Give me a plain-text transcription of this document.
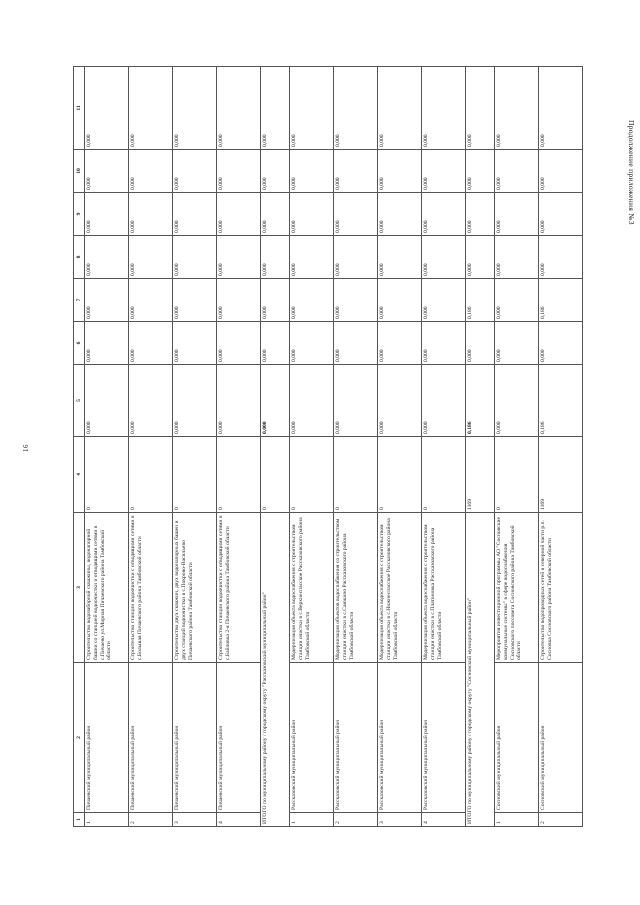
16
Продолжение приложения №3
1	2	3	4	5	6	7	8	9	10	11
1	Пичаевский муниципальный район	Строительство водозаборной скважины, водонапорной башни со станцией водоочистки и отводящими сетями в с.Пичаево ул.Мирная Пичаевского района Тамбовской области	0	0,000	0,000	0,000	0,000	0,000	0,000	0,000
2	Пичаевский муниципальный район	Строительство станции водоочистки с отводящими сетями в с.Большая Пичаевского района Тамбовской области	0	0,000	0,000	0,000	0,000	0,000	0,000	0,000
3	Пичаевский муниципальный район	Строительство двух скважин, двух водонапорных башен и двух станций водоочистки в с.Покрово-Васильево Пичаевского района Тамбовской области	0	0,000	0,000	0,000	0,000	0,000	0,000	0,000
4	Пичаевский муниципальный район	Строительство станции водоочистки с отводящими сетями в с.Байловка 2-я Пичаевского района Тамбовской области	0	0,000	0,000	0,000	0,000	0,000	0,000	0,000
ИТОГО по муниципальному району / городскому округу "Рассказовский муниципальный район"			0	0,000	0,000	0,000	0,000	0,000	0,000	0,000
1	Рассказовский муниципальный район	Модернизация объекта водоснабжения с строительством станции очистки в с.Верхнеспасское Рассказовского района Тамбовской области	0	0,000	0,000	0,000	0,000	0,000	0,000	0,000
2	Рассказовский муниципальный район	Модернизация объектов водоснабжения со строительством станции очистки в с.Саюкино Рассказовского района Тамбовской области	0	0,000	0,000	0,000	0,000	0,000	0,000	0,000
3	Рассказовский муниципальный район	Модернизация объекта водоснабжения с строительством станции очистки в с.Нижнеспасское Рассказовского района Тамбовской области	0	0,000	0,000	0,000	0,000	0,000	0,000	0,000
4	Рассказовский муниципальный район	Модернизация объекта водоснабжения с строительством станции очистки в с.Платоновка Рассказовского района Тамбовской области	0	0,000	0,000	0,000	0,000	0,000	0,000	0,000
ИТОГО по муниципальному району / городскому округу "Сосновский муниципальный район"			1169	0,186	0,000	0,186	0,000	0,000	0,000	0,000
1	Сосновский муниципальный район	Мероприятия инвестиционной программы АО "Сосновские коммунальные системы" в сфере водоснабжения Сосновского поссовета Сосновского района Тамбовской области	0	0,000	0,000	0,000	0,000	0,000	0,000	0,000
2	Сосновский муниципальный район	Строительство водопроводных сетей в северной части р.п. Сосновка Сосновского района Тамбовской области	1169	0,186	0,000	0,186	0,000	0,000	0,000	0,000
